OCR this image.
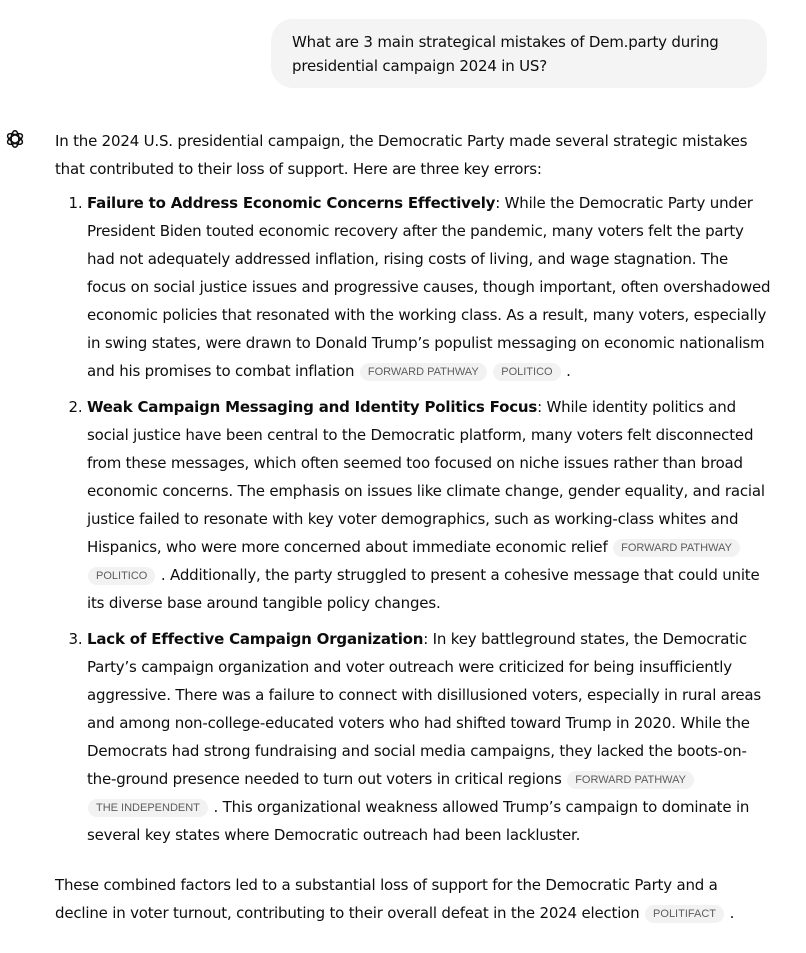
What are 3 main strategical mistakes of Dem.party during presidential campaign 2024 in US?

In the 2024 U.S. presidential campaign, the Democratic Party made several strategic mistakes that contributed to their loss of support. Here are three key errors:

1. Failure to Address Economic Concerns Effectively: While the Democratic Party under President Biden touted economic recovery after the pandemic, many voters felt the party had not adequately addressed inflation, rising costs of living, and wage stagnation. The focus on social justice issues and progressive causes, though important, often overshadowed economic policies that resonated with the working class. As a result, many voters, especially in swing states, were drawn to Donald Trump’s populist messaging on economic nationalism and his promises to combat inflation FORWARD PATHWAY POLITICO .
2. Weak Campaign Messaging and Identity Politics Focus: While identity politics and social justice have been central to the Democratic platform, many voters felt disconnected from these messages, which often seemed too focused on niche issues rather than broad economic concerns. The emphasis on issues like climate change, gender equality, and racial justice failed to resonate with key voter demographics, such as working-class whites and Hispanics, who were more concerned about immediate economic relief FORWARD PATHWAY POLITICO . Additionally, the party struggled to present a cohesive message that could unite its diverse base around tangible policy changes.
3. Lack of Effective Campaign Organization: In key battleground states, the Democratic Party’s campaign organization and voter outreach were criticized for being insufficiently aggressive. There was a failure to connect with disillusioned voters, especially in rural areas and among non-college-educated voters who had shifted toward Trump in 2020. While the Democrats had strong fundraising and social media campaigns, they lacked the boots-on-the-ground presence needed to turn out voters in critical regions FORWARD PATHWAY THE INDEPENDENT . This organizational weakness allowed Trump’s campaign to dominate in several key states where Democratic outreach had been lackluster.

These combined factors led to a substantial loss of support for the Democratic Party and a decline in voter turnout, contributing to their overall defeat in the 2024 election POLITIFACT .
